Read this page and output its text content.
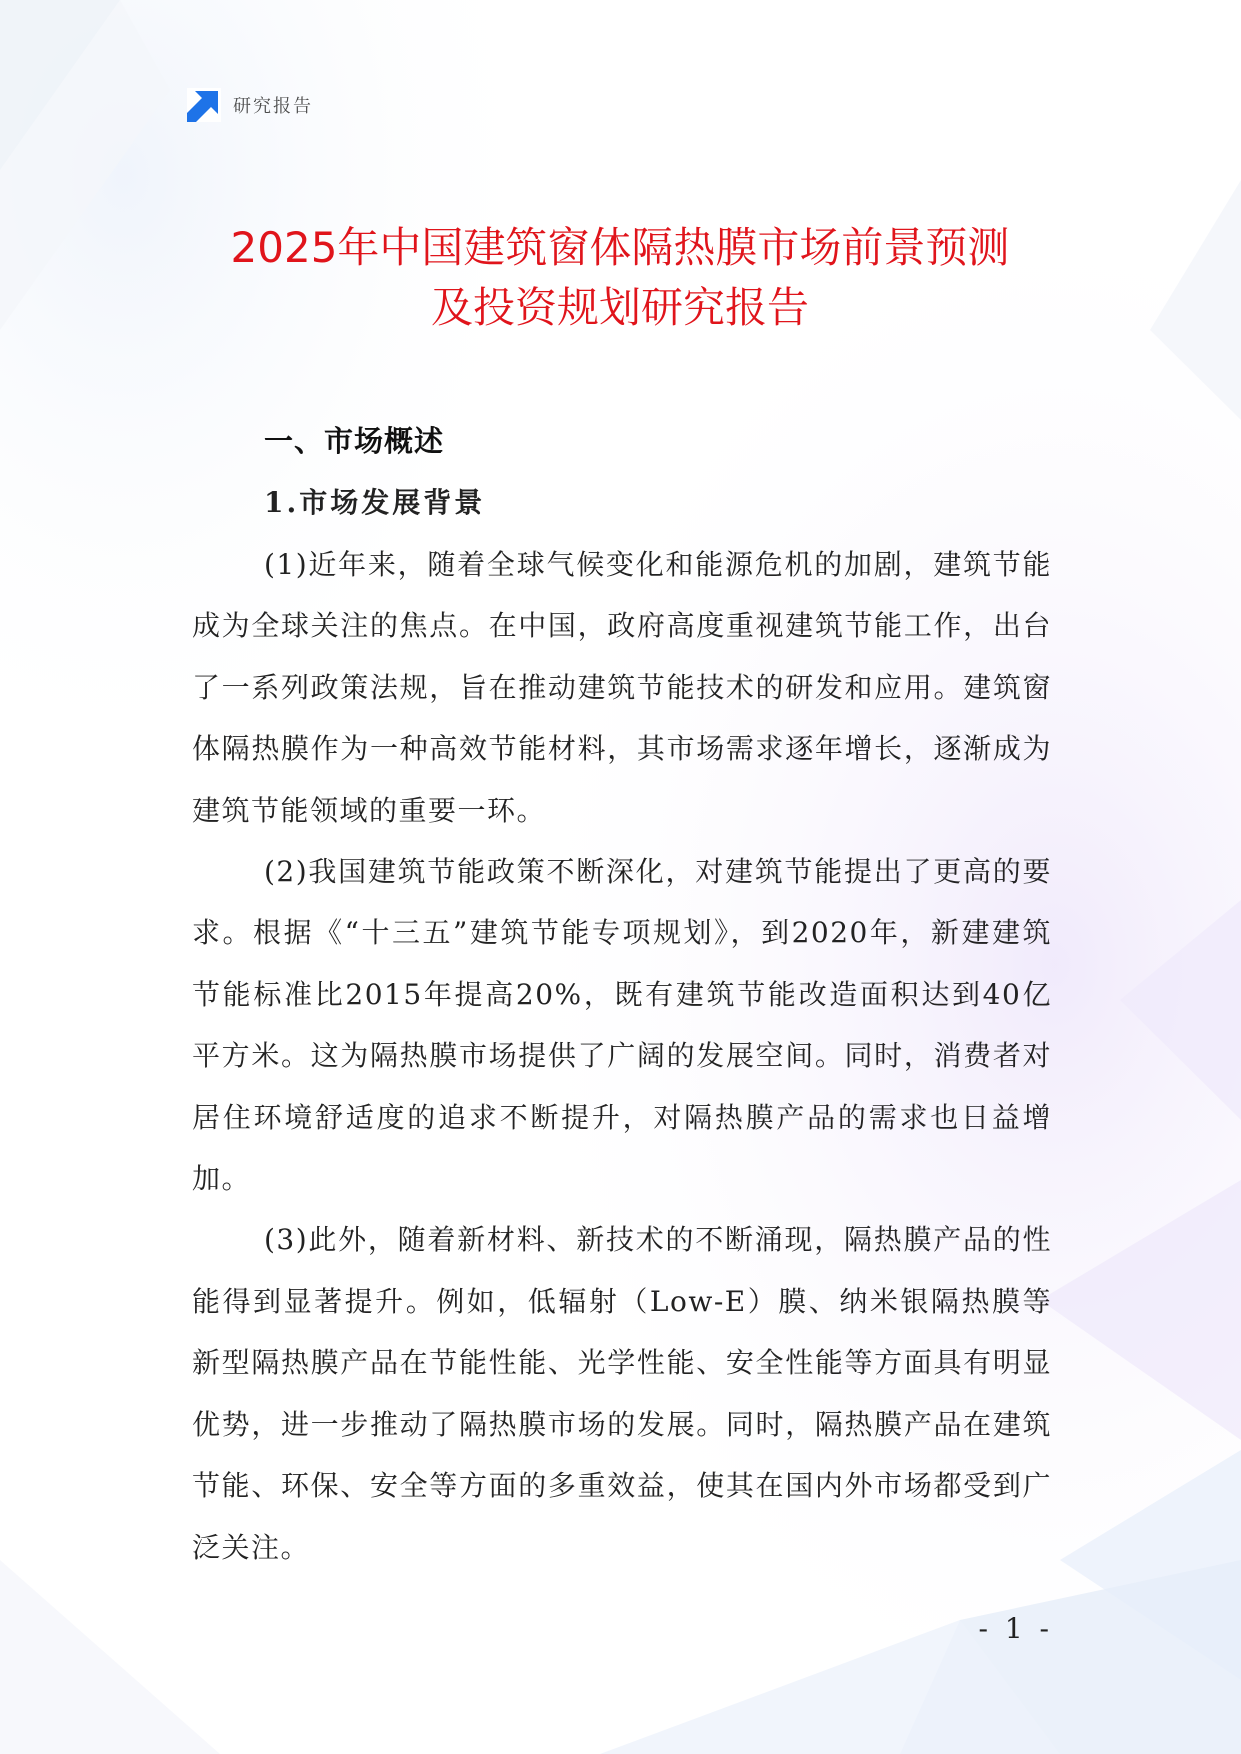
研究报告
2025年中国建筑窗体隔热膜市场前景预测
及投资规划研究报告
一、市场概述
1.市场发展背景

(1)近年来，随着全球气候变化和能源危机的加剧，建筑节能成为全球关注的焦点。在中国，政府高度重视建筑节能工作，出台了一系列政策法规，旨在推动建筑节能技术的研发和应用。建筑窗体隔热膜作为一种高效节能材料，其市场需求逐年增长，逐渐成为建筑节能领域的重要一环。

(2)我国建筑节能政策不断深化，对建筑节能提出了更高的要求。根据《“十三五”建筑节能专项规划》，到2020年，新建建筑节能标准比2015年提高20%，既有建筑节能改造面积达到40亿平方米。这为隔热膜市场提供了广阔的发展空间。同时，消费者对居住环境舒适度的追求不断提升，对隔热膜产品的需求也日益增加。

(3)此外，随着新材料、新技术的不断涌现，隔热膜产品的性能得到显著提升。例如，低辐射（Low-E）膜、纳米银隔热膜等新型隔热膜产品在节能性能、光学性能、安全性能等方面具有明显优势，进一步推动了隔热膜市场的发展。同时，隔热膜产品在建筑节能、环保、安全等方面的多重效益，使其在国内外市场都受到广泛关注。

- 1 -
